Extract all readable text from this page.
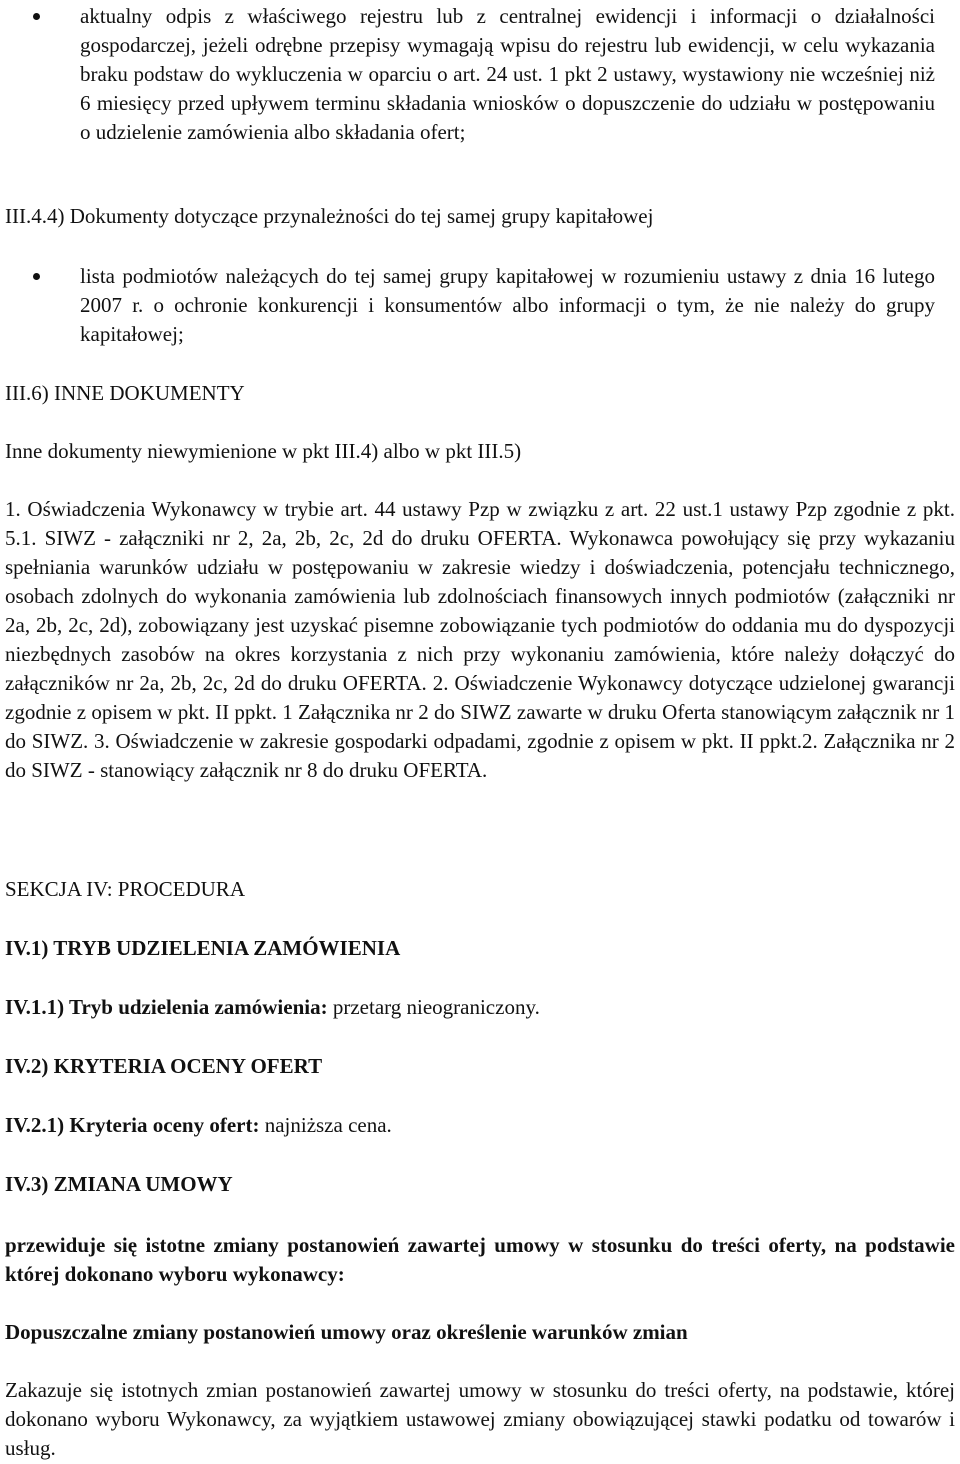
aktualny odpis z właściwego rejestru lub z centralnej ewidencji i informacji o działalności gospodarczej, jeżeli odrębne przepisy wymagają wpisu do rejestru lub ewidencji, w celu wykazania braku podstaw do wykluczenia w oparciu o art. 24 ust. 1 pkt 2 ustawy, wystawiony nie wcześniej niż 6 miesięcy przed upływem terminu składania wniosków o dopuszczenie do udziału w postępowaniu o udzielenie zamówienia albo składania ofert;

III.4.4) Dokumenty dotyczące przynależności do tej samej grupy kapitałowej

lista podmiotów należących do tej samej grupy kapitałowej w rozumieniu ustawy z dnia 16 lutego 2007 r. o ochronie konkurencji i konsumentów albo informacji o tym, że nie należy do grupy kapitałowej;

III.6) INNE DOKUMENTY

Inne dokumenty niewymienione w pkt III.4) albo w pkt III.5)

1. Oświadczenia Wykonawcy w trybie art. 44 ustawy Pzp w związku z art. 22 ust.1 ustawy Pzp zgodnie z pkt. 5.1. SIWZ - załączniki nr 2, 2a, 2b, 2c, 2d do druku OFERTA. Wykonawca powołujący się przy wykazaniu spełniania warunków udziału w postępowaniu w zakresie wiedzy i doświadczenia, potencjału technicznego, osobach zdolnych do wykonania zamówienia lub zdolnościach finansowych innych podmiotów (załączniki nr 2a, 2b, 2c, 2d), zobowiązany jest uzyskać pisemne zobowiązanie tych podmiotów do oddania mu do dyspozycji niezbędnych zasobów na okres korzystania z nich przy wykonaniu zamówienia, które należy dołączyć do załączników nr 2a, 2b, 2c, 2d do druku OFERTA. 2. Oświadczenie Wykonawcy dotyczące udzielonej gwarancji zgodnie z opisem w pkt. II ppkt. 1 Załącznika nr 2 do SIWZ zawarte w druku Oferta stanowiącym załącznik nr 1 do SIWZ. 3. Oświadczenie w zakresie gospodarki odpadami, zgodnie z opisem w pkt. II ppkt.2. Załącznika nr 2 do SIWZ - stanowiący załącznik nr 8 do druku OFERTA.

SEKCJA IV: PROCEDURA

IV.1) TRYB UDZIELENIA ZAMÓWIENIA

IV.1.1) Tryb udzielenia zamówienia: przetarg nieograniczony.

IV.2) KRYTERIA OCENY OFERT

IV.2.1) Kryteria oceny ofert: najniższa cena.

IV.3) ZMIANA UMOWY

przewiduje się istotne zmiany postanowień zawartej umowy w stosunku do treści oferty, na podstawie której dokonano wyboru wykonawcy:

Dopuszczalne zmiany postanowień umowy oraz określenie warunków zmian

Zakazuje się istotnych zmian postanowień zawartej umowy w stosunku do treści oferty, na podstawie, której dokonano wyboru Wykonawcy, za wyjątkiem ustawowej zmiany obowiązującej stawki podatku od towarów i usług.
